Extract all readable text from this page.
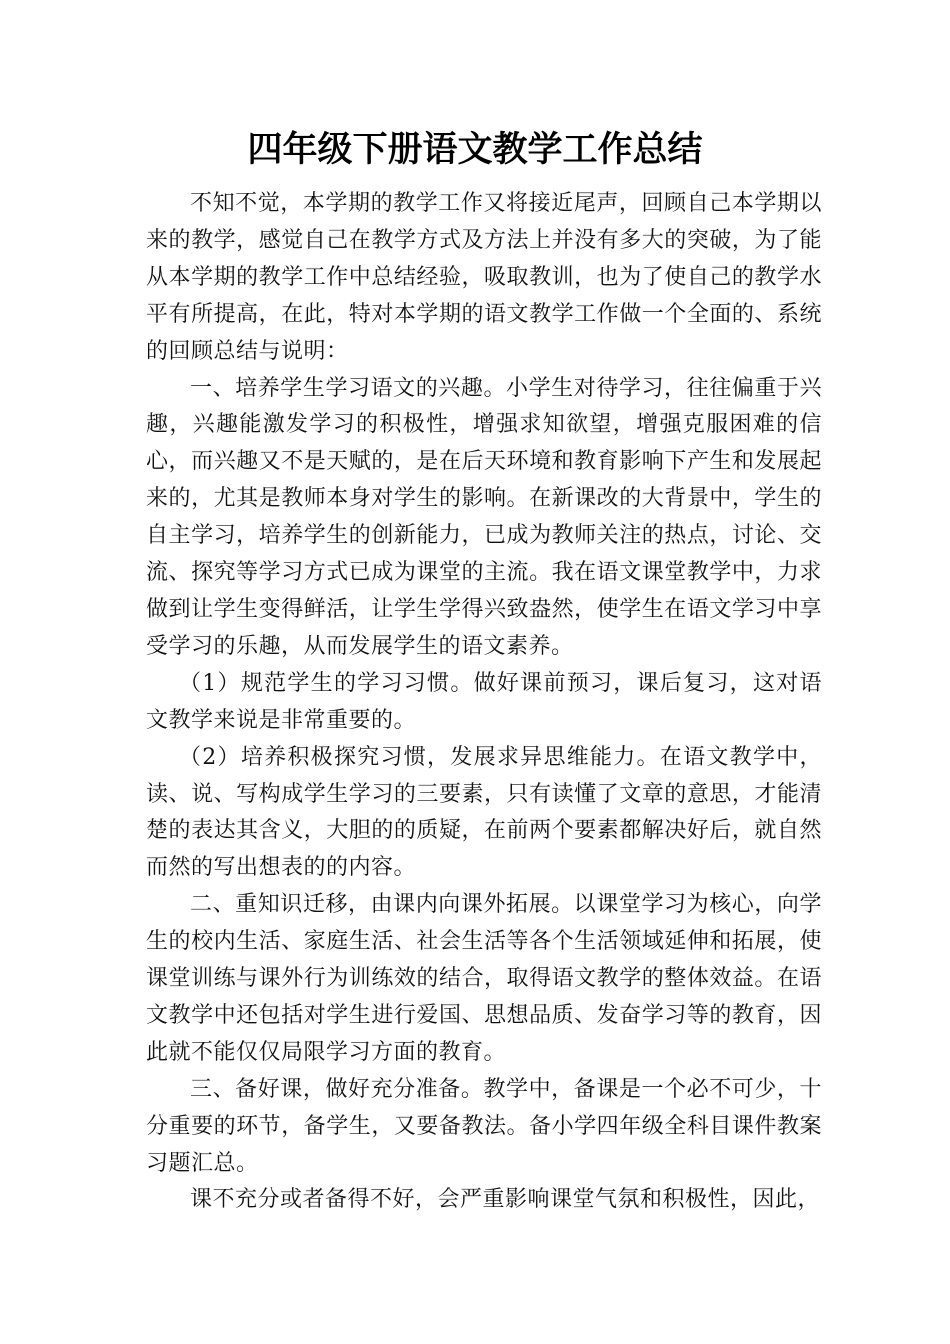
四年级下册语文教学工作总结

不知不觉，本学期的教学工作又将接近尾声，回顾自己本学期以来的教学，感觉自己在教学方式及方法上并没有多大的突破，为了能从本学期的教学工作中总结经验，吸取教训，也为了使自己的教学水平有所提高，在此，特对本学期的语文教学工作做一个全面的、系统的回顾总结与说明：

一、培养学生学习语文的兴趣。小学生对待学习，往往偏重于兴趣，兴趣能激发学习的积极性，增强求知欲望，增强克服困难的信心，而兴趣又不是天赋的，是在后天环境和教育影响下产生和发展起来的，尤其是教师本身对学生的影响。在新课改的大背景中，学生的自主学习，培养学生的创新能力，已成为教师关注的热点，讨论、交流、探究等学习方式已成为课堂的主流。我在语文课堂教学中，力求做到让学生变得鲜活，让学生学得兴致盎然，使学生在语文学习中享受学习的乐趣，从而发展学生的语文素养。

（1）规范学生的学习习惯。做好课前预习，课后复习，这对语文教学来说是非常重要的。

（2）培养积极探究习惯，发展求异思维能力。在语文教学中，读、说、写构成学生学习的三要素，只有读懂了文章的意思，才能清楚的表达其含义，大胆的的质疑，在前两个要素都解决好后，就自然而然的写出想表的的内容。

二、重知识迁移，由课内向课外拓展。以课堂学习为核心，向学生的校内生活、家庭生活、社会生活等各个生活领域延伸和拓展，使课堂训练与课外行为训练效的结合，取得语文教学的整体效益。在语文教学中还包括对学生进行爱国、思想品质、发奋学习等的教育，因此就不能仅仅局限学习方面的教育。

三、备好课，做好充分准备。教学中，备课是一个必不可少，十分重要的环节，备学生，又要备教法。备小学四年级全科目课件教案习题汇总。

课不充分或者备得不好，会严重影响课堂气氛和积极性，因此，
